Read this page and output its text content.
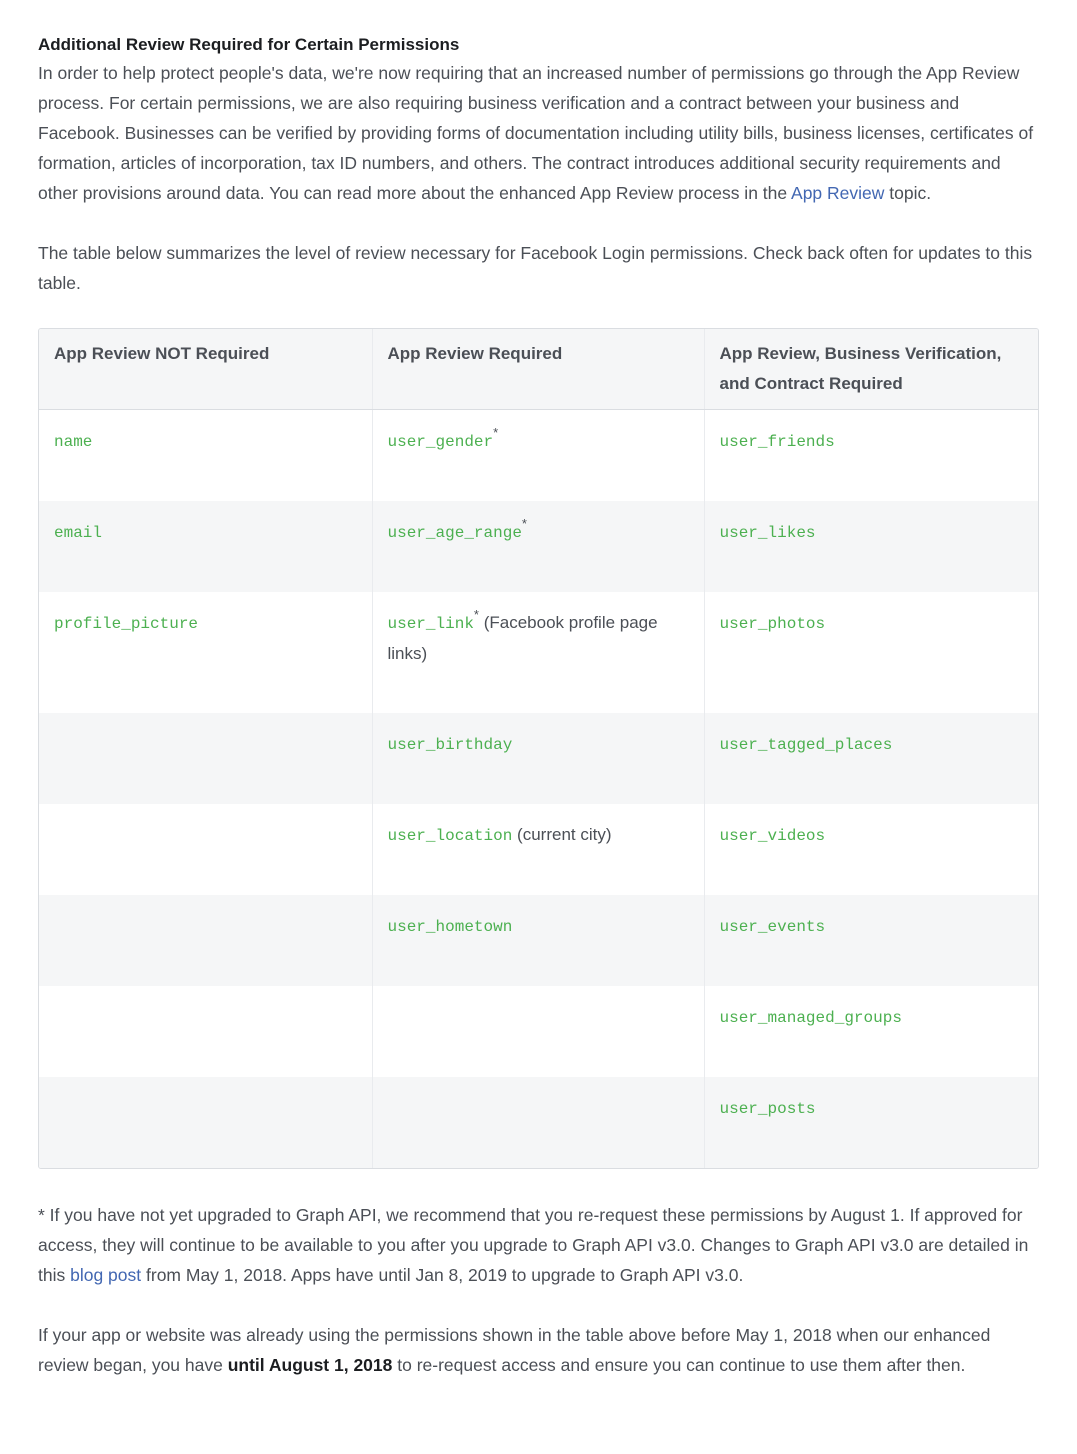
Additional Review Required for Certain Permissions

In order to help protect people's data, we're now requiring that an increased number of permissions go through the App Review process. For certain permissions, we are also requiring business verification and a contract between your business and Facebook. Businesses can be verified by providing forms of documentation including utility bills, business licenses, certificates of formation, articles of incorporation, tax ID numbers, and others. The contract introduces additional security requirements and other provisions around data. You can read more about the enhanced App Review process in the App Review topic.

The table below summarizes the level of review necessary for Facebook Login permissions. Check back often for updates to this table.

App Review NOT Required	App Review Required	App Review, Business Verification, and Contract Required
name	user_gender*	user_friends
email	user_age_range*	user_likes
profile_picture	user_link* (Facebook profile page links)	user_photos
	user_birthday	user_tagged_places
	user_location (current city)	user_videos
	user_hometown	user_events
		user_managed_groups
		user_posts

* If you have not yet upgraded to Graph API, we recommend that you re-request these permissions by August 1. If approved for access, they will continue to be available to you after you upgrade to Graph API v3.0. Changes to Graph API v3.0 are detailed in this blog post from May 1, 2018. Apps have until Jan 8, 2019 to upgrade to Graph API v3.0.

If your app or website was already using the permissions shown in the table above before May 1, 2018 when our enhanced review began, you have until August 1, 2018 to re-request access and ensure you can continue to use them after then.
